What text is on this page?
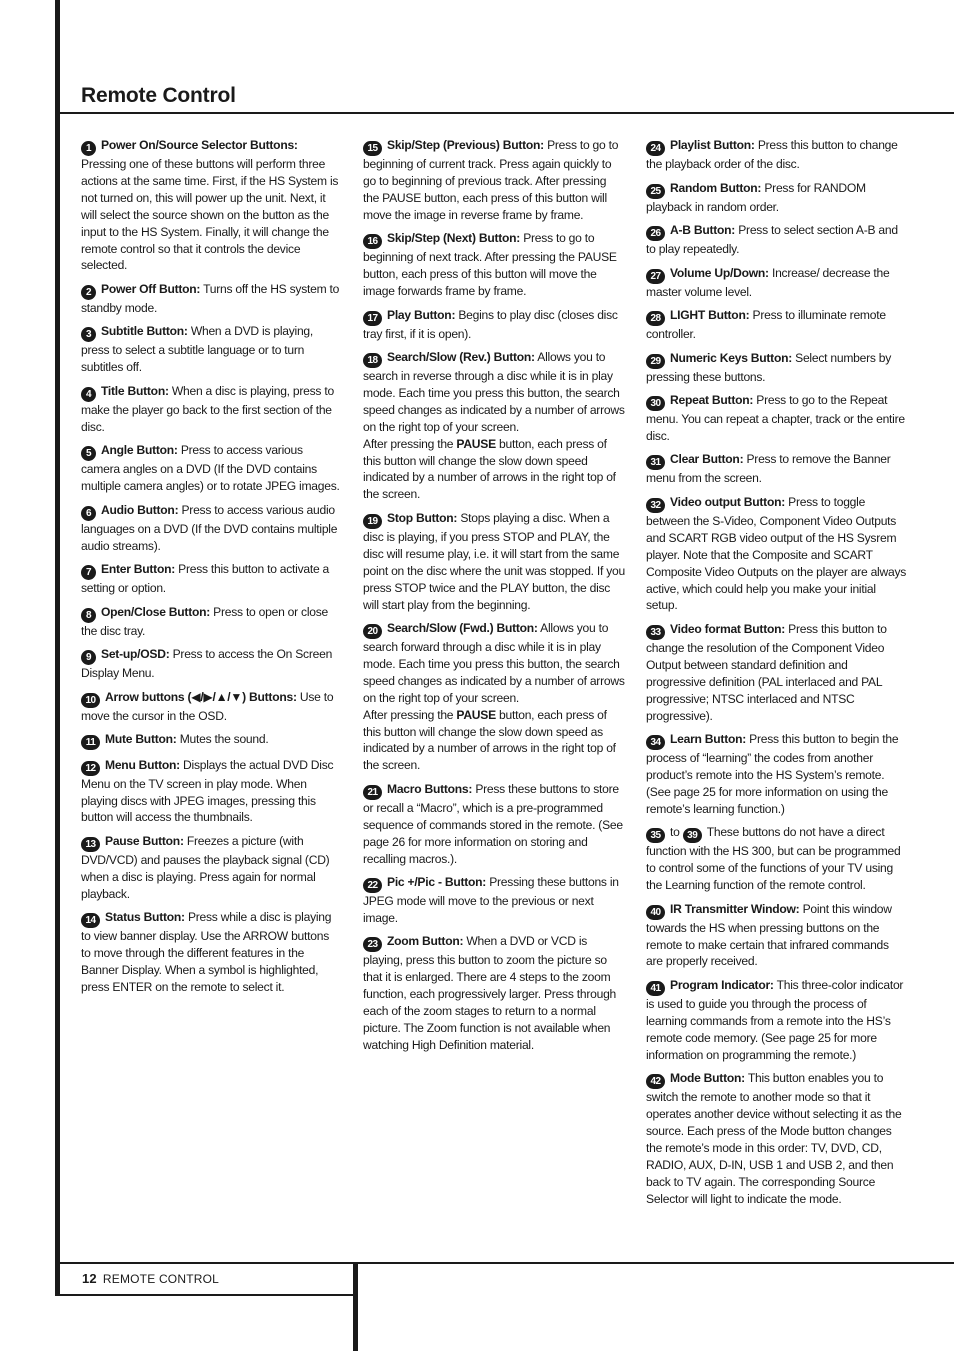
Remote Control

1 Power On/Source Selector Buttons: Pressing one of these buttons will perform three actions at the same time. First, if the HS System is not turned on, this will power up the unit. Next, it will select the source shown on the button as the input to the HS System. Finally, it will change the remote control so that it controls the device selected.

2 Power Off Button: Turns off the HS system to standby mode.

3 Subtitle Button: When a DVD is playing, press to select a subtitle language or to turn subtitles off.

4 Title Button: When a disc is playing, press to make the player go back to the first section of the disc.

5 Angle Button: Press to access various camera angles on a DVD (If the DVD contains multiple camera angles) or to rotate JPEG images.

6 Audio Button: Press to access various audio languages on a DVD (If the DVD contains multiple audio streams).

7 Enter Button: Press this button to activate a setting or option.

8 Open/Close Button: Press to open or close the disc tray.

9 Set-up/OSD: Press to access the On Screen Display Menu.

10 Arrow buttons (◀/▶/▲/▼) Buttons: Use to move the cursor in the OSD.

11 Mute Button: Mutes the sound.

12 Menu Button: Displays the actual DVD Disc Menu on the TV screen in play mode. When playing discs with JPEG images, pressing this button will access the thumbnails.

13 Pause Button: Freezes a picture (with DVD/VCD) and pauses the playback signal (CD) when a disc is playing. Press again for normal playback.

14 Status Button: Press while a disc is playing to view banner display. Use the ARROW buttons to move through the different features in the Banner Display. When a symbol is highlighted, press ENTER on the remote to select it.

15 Skip/Step (Previous) Button: Press to go to beginning of current track. Press again quickly to go to beginning of previous track. After pressing the PAUSE button, each press of this button will move the image in reverse frame by frame.

16 Skip/Step (Next) Button: Press to go to beginning of next track. After pressing the PAUSE button, each press of this button will move the image forwards frame by frame.

17 Play Button: Begins to play disc (closes disc tray first, if it is open).

18 Search/Slow (Rev.) Button: Allows you to search in reverse through a disc while it is in play mode. Each time you press this button, the search speed changes as indicated by a number of arrows on the right top of your screen.
After pressing the PAUSE button, each press of this button will change the slow down speed indicated by a number of arrows in the right top of the screen.

19 Stop Button: Stops playing a disc. When a disc is playing, if you press STOP and PLAY, the disc will resume play, i.e. it will start from the same point on the disc where the unit was stopped. If you press STOP twice and the PLAY button, the disc will start play from the beginning.

20 Search/Slow (Fwd.) Button: Allows you to search forward through a disc while it is in play mode. Each time you press this button, the search speed changes as indicated by a number of arrows on the right top of your screen.
After pressing the PAUSE button, each press of this button will change the slow down speed as indicated by a number of arrows in the right top of the screen.

21 Macro Buttons: Press these buttons to store or recall a “Macro”, which is a pre-programmed sequence of commands stored in the remote. (See page 26 for more information on storing and recalling macros.).

22 Pic +/Pic - Button: Pressing these buttons in JPEG mode will move to the previous or next image.

23 Zoom Button: When a DVD or VCD is playing, press this button to zoom the picture so that it is enlarged. There are 4 steps to the zoom function, each progressively larger. Press through each of the zoom stages to return to a normal picture. The Zoom function is not available when watching High Definition material.

24 Playlist Button: Press this button to change the playback order of the disc.

25 Random Button: Press for RANDOM playback in random order.

26 A-B Button: Press to select section A-B and to play repeatedly.

27 Volume Up/Down: Increase/ decrease the master volume level.

28 LIGHT Button: Press to illuminate remote controller.

29 Numeric Keys Button: Select numbers by pressing these buttons.

30 Repeat Button: Press to go to the Repeat menu. You can repeat a chapter, track or the entire disc.

31 Clear Button: Press to remove the Banner menu from the screen.

32 Video output Button: Press to toggle between the S-Video, Component Video Outputs and SCART RGB video output of the HS Sysrem player. Note that the Composite and SCART Composite Video Outputs on the player are always active, which could help you make your initial setup.

33 Video format Button: Press this button to change the resolution of the Component Video Output between standard definition and progressive definition (PAL interlaced and PAL progressive; NTSC interlaced and NTSC progressive).

34 Learn Button: Press this button to begin the process of “learning” the codes from another product’s remote into the HS System’s remote. (See page 25 for more information on using the remote’s learning function.)

35 to 39 These buttons do not have a direct function with the HS 300, but can be programmed to control some of the functions of your TV using the Learning function of the remote control.

40 IR Transmitter Window: Point this window towards the HS when pressing buttons on the remote to make certain that infrared commands are properly received.

41 Program Indicator: This three-color indicator is used to guide you through the process of learning commands from a remote into the HS’s remote code memory. (See page 25 for more information on programming the remote.)

42 Mode Button: This button enables you to switch the remote to another mode so that it operates another device without selecting it as the source. Each press of the Mode button changes the remote’s mode in this order: TV, DVD, CD, RADIO, AUX, D-IN, USB 1 and USB 2, and then back to TV again. The corresponding Source Selector will light to indicate the mode.

12 REMOTE CONTROL
